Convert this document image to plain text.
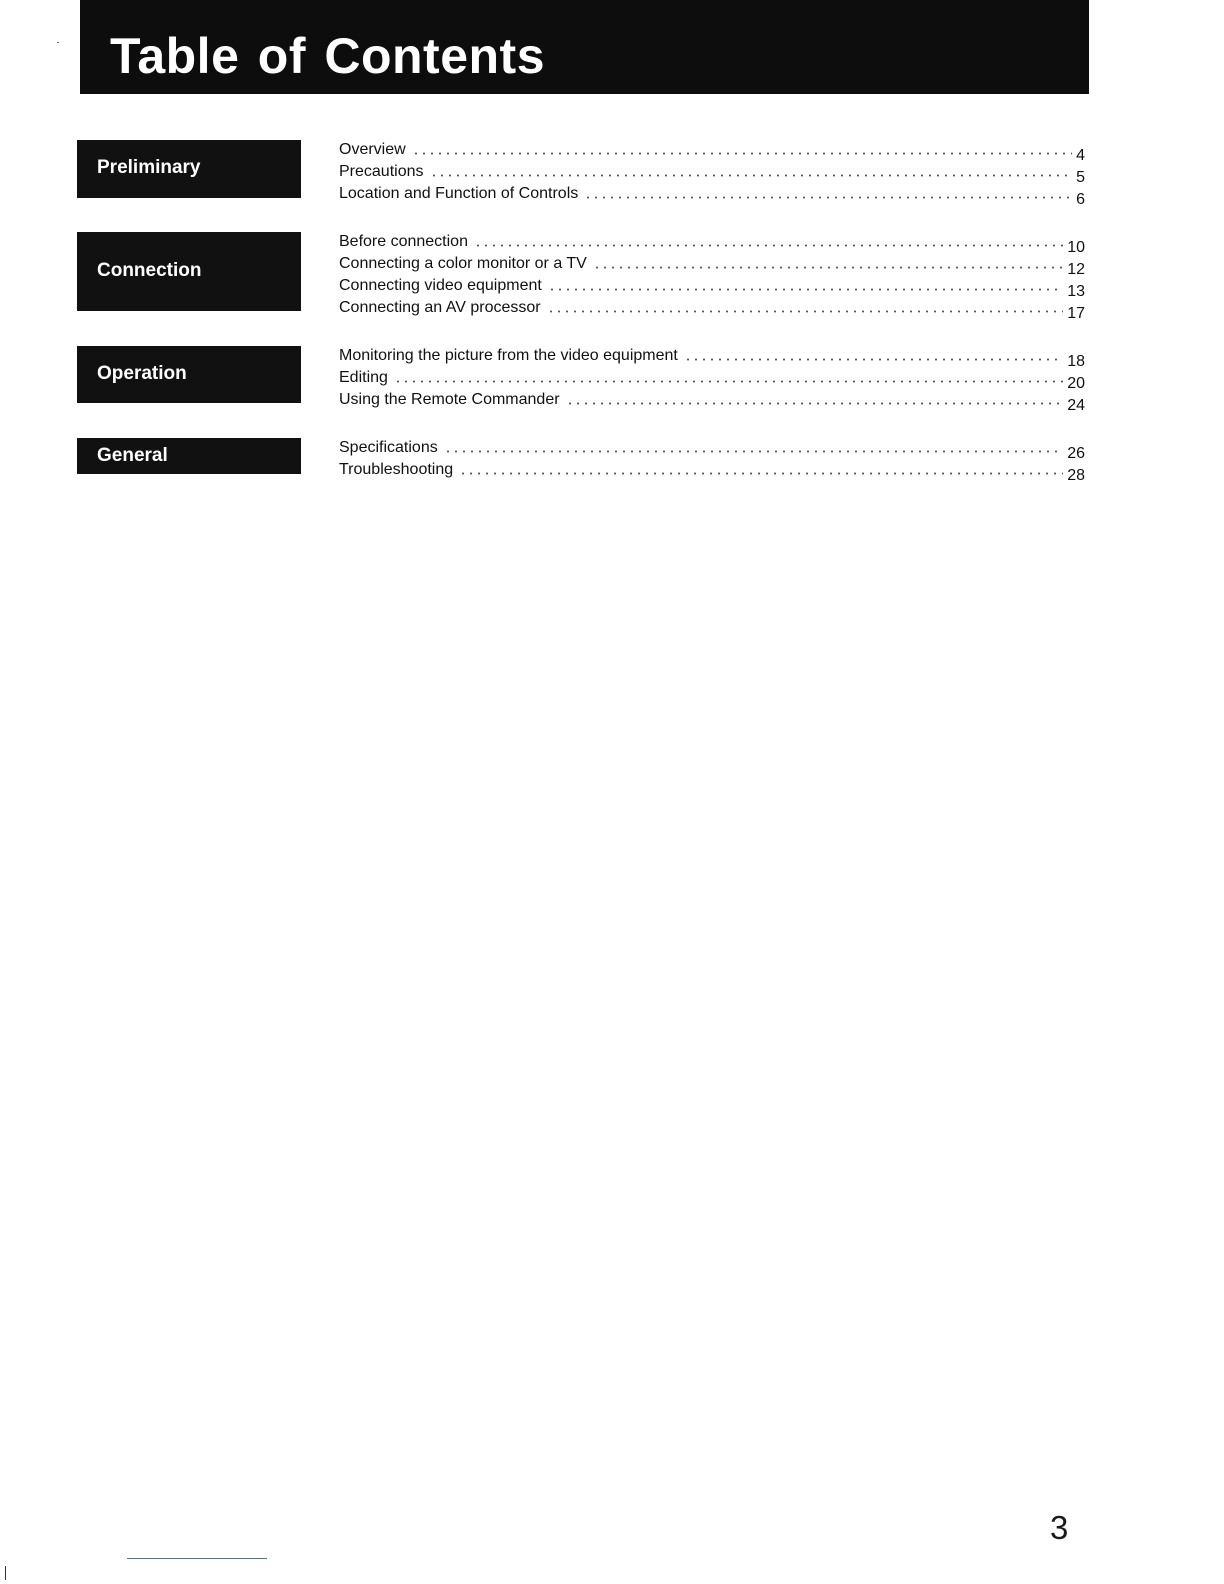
Table of Contents
Preliminary
Overview	4
Precautions	5
Location and Function of Controls	6
Connection
Before connection	10
Connecting a color monitor or a TV	12
Connecting video equipment	13
Connecting an AV processor	17
Operation
Monitoring the picture from the video equipment	18
Editing	20
Using the Remote Commander	24
General	Specifications	26
Troubleshooting	28

3
